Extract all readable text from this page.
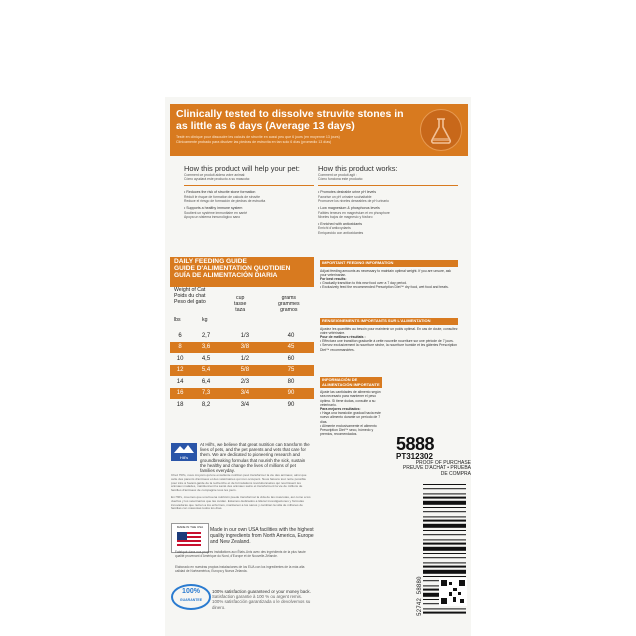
Clinically tested to dissolve struvite stones in as little as 6 days (Average 13 days)
Testé en clinique pour dissoudre les calculs de struvite en aussi peu que 6 jours (en moyenne 13 jours)
Clínicamente probado para disolver las piedras de estruvita en tan solo 6 días (promedio 13 días)
How this product will help your pet:
Comment ce produit aidera votre animal:
Cómo ayudará este producto a su mascota:
• Reduces the risk of struvite stone formation
Réduit le risque de formation de calculs de struvite
Reduce el riesgo de formación de piedras de estruvita
• Supports a healthy immune system
Soutient un système immunitaire en santé
Apoya un sistema inmunológico sano
How this product works:
Comment ce produit agit :
Cómo funciona este producto:
• Promotes desirable urine pH levels
Favorise un pH urinaire souhaitable
Promueve los niveles deseables de pH urinario
• Low magnesium & phosphorus levels
Faibles teneurs en magnésium et en phosphore
Niveles bajos de magnesio y fósforo
• Enriched with antioxidants
Enrichi d'antioxydants
Enriquecido con antioxidantes
DAILY FEEDING GUIDE
GUIDE D'ALIMENTATION QUOTIDIEN
GUÍA DE ALIMENTACIÓN DIARIA
Weight of Cat
Poids du chat
Peso del gato
cup
tasse
taza
grams
grammes
gramos
lbs	kg
6	2,7	1/3	40
8	3,6	3/8	45
10	4,5	1/2	60
12	5,4	5/8	75
14	6,4	2/3	80
16	7,3	3/4	90
18	8,2	3/4	90
IMPORTANT FEEDING INFORMATION
Adjust feeding amounts as necessary to maintain optimal weight. If you are unsure, ask your veterinarian.
For best results:
• Gradually transition to this new food over a 7 day period.
• Exclusively feed the recommended Prescription Diet™ dry food, wet food and treats.
RENSEIGNEMENTS IMPORTANTS SUR L'ALIMENTATION
Ajustez les quantités au besoin pour maintenir un poids optimal. En cas de doute, consultez votre vétérinaire.
Pour de meilleurs résultats :
• Effectuez une transition graduelle à cette nouvelle nourriture sur une période de 7 jours.
• Servez exclusivement la nourriture sèche, la nourriture humide et les gâteries Prescription Diet™ recommandées.
INFORMACIÓN DE ALIMENTACIÓN IMPORTANTE
Ajuste las cantidades de alimento según sea necesario para mantener el peso óptimo. Si tiene dudas, consulte a su veterinario.
Para mejores resultados:
• Haga una transición gradual hacia este nuevo alimento durante un período de 7 días.
• Alimente exclusivamente el alimento Prescription Diet™ seco, húmedo y premios, recomendados.
Hill's
At Hill's, we believe that great nutrition can transform the lives of pets, and the pet parents and vets that care for them. We are dedicated to pioneering research and groundbreaking formulas that nourish the sick, sustain the healthy and change the lives of millions of pet families everyday.
Chez Hill's, nous croyons qu'une excellente nutrition peut transformer la vie des animaux, ainsi que celle des parents d'animaux et des vétérinaires qui s'en occupent. Nous faisons tout notre possible pour être à l'avant-garde de la recherche et de formulations révolutionnaires qui nourrissent les animaux malades, maintiennent la santé des animaux sains et transforment la vie de millions de familles d'animaux de compagnie tous les jours.
En Hill's, creemos que una buena nutrición puede transformar la vida de las mascotas, así como a los dueños y los veterinarios que las cuidan. Estamos dedicados a liderar investigaciones y fórmulas innovadoras que nutren a los enfermos, mantienen a los sanos y cambian la vida de millones de familias con mascotas todos los días.
MADE IN THE USA	Made in our own USA facilities with the highest quality ingredients from North America, Europe and New Zealand.
Fabriqué dans nos propres installations aux États-Unis avec des ingrédients de la plus haute qualité provenant d'Amérique du Nord, d'Europe et de Nouvelle-Zélande.
Elaborado en nuestras propias instalaciones de los EUA con los ingredientes de la más alta calidad de Norteamérica, Europa y Nueva Zelanda.
100%
GUARANTEE
100% satisfaction guaranteed or your money back.
Satisfaction garantie à 100 % ou argent remis.
100% satisfacción garantizada o le devolvemos su dinero.
5888
PT312302
PROOF OF PURCHASE
PREUVE D'ACHAT • PRUEBA DE COMPRA
52742 58880
